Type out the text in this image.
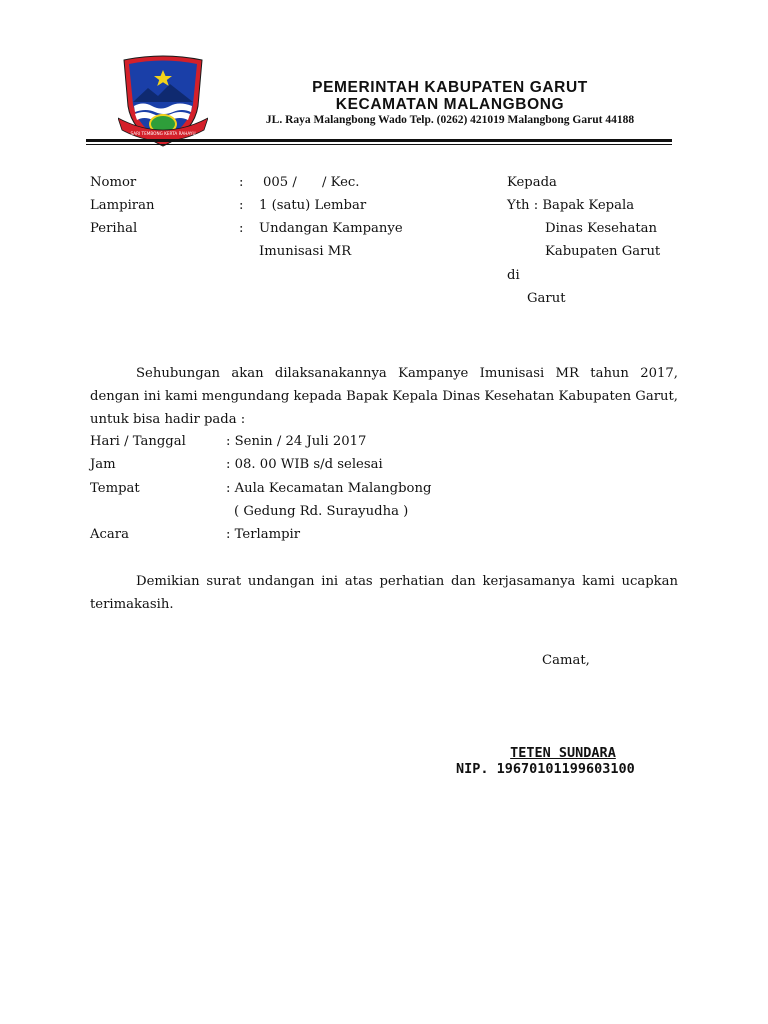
SARI TEMBONG KERTA RAHAYU
PEMERINTAH KABUPATEN GARUT
KECAMATAN MALANGBONG
JL. Raya Malangbong Wado Telp. (0262) 421019 Malangbong Garut 44188
Nomor	: 005 /      / Kec.
Lampiran	: 1 (satu) Lembar
Perihal	: Undangan Kampanye
Imunisasi MR
Kepada
Yth : Bapak Kepala
Dinas Kesehatan
Kabupaten Garut
di
Garut
Sehubungan akan dilaksanakannya Kampanye Imunisasi MR tahun 2017, dengan ini kami mengundang kepada Bapak Kepala Dinas Kesehatan Kabupaten Garut, untuk bisa hadir pada :
Hari / Tanggal	: Senin / 24 Juli 2017
Jam	: 08. 00 WIB s/d selesai
Tempat	: Aula Kecamatan Malangbong
( Gedung Rd. Surayudha )
Acara	: Terlampir
Demikian surat undangan ini atas perhatian dan kerjasamanya kami ucapkan terimakasih.
Camat,
TETEN SUNDARA
NIP. 19670101199603100
